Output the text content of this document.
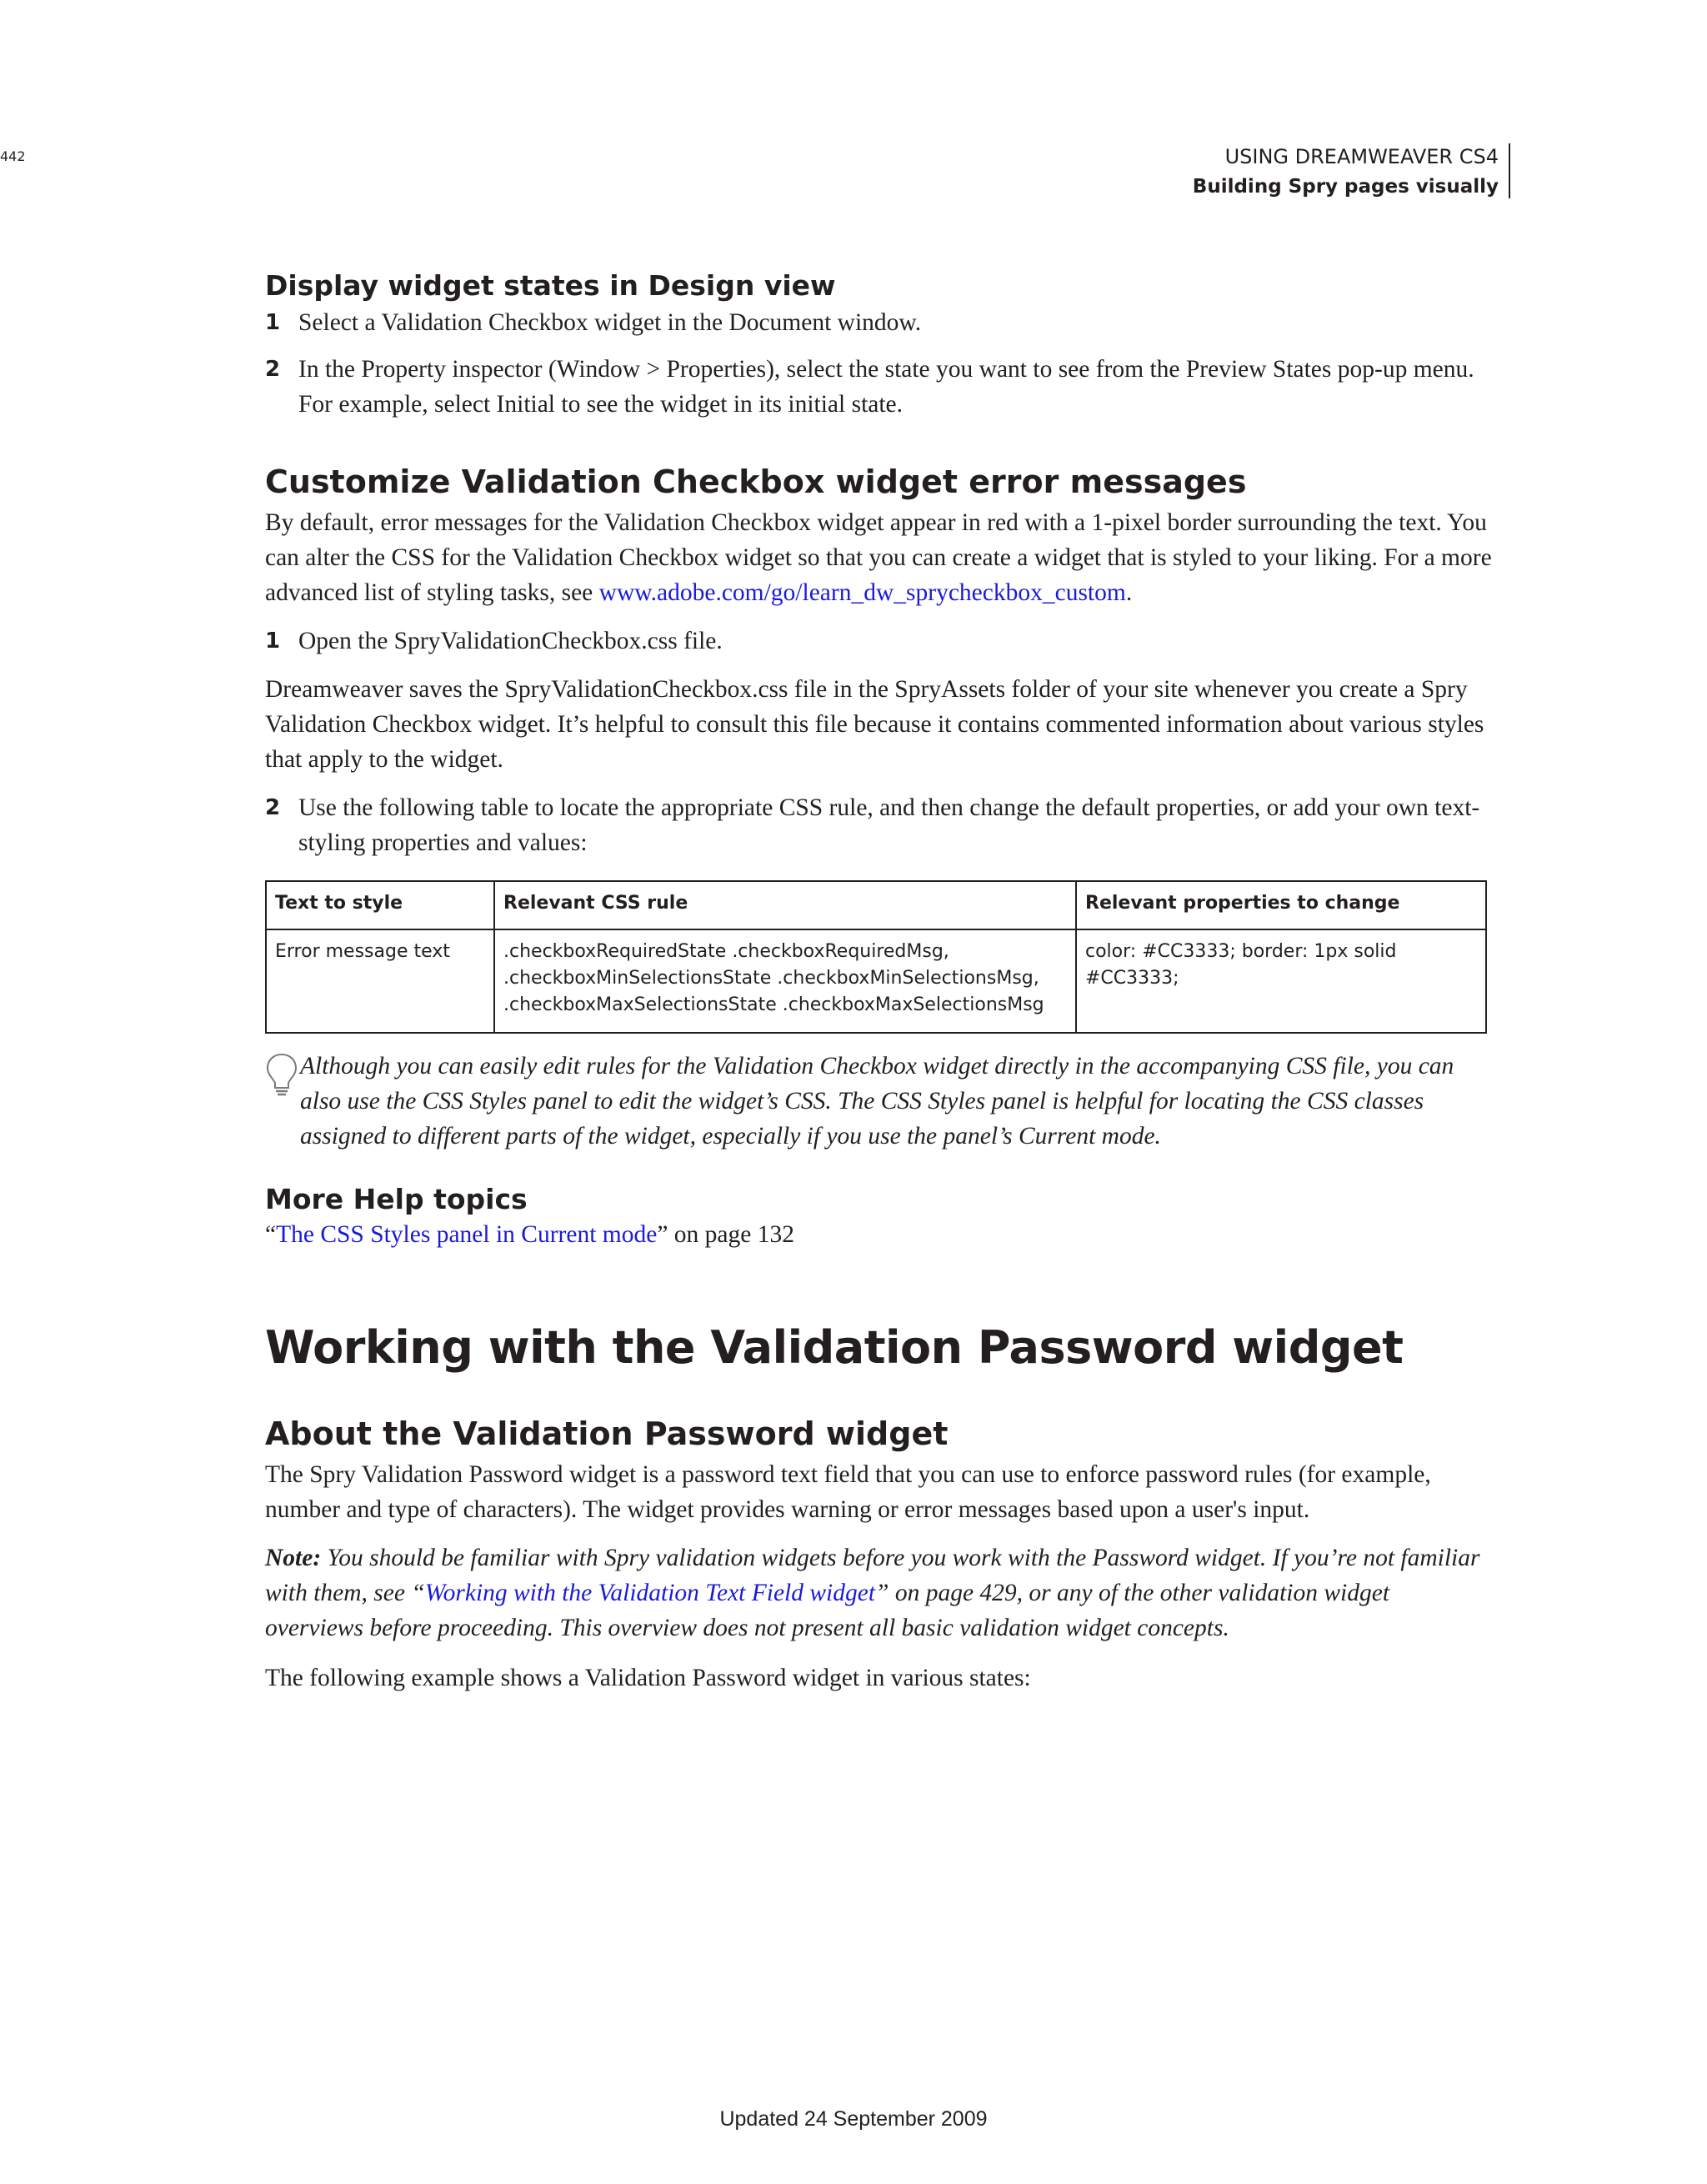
USING DREAMWEAVER CS4
Building Spry pages visually
442
Display widget states in Design view
1 Select a Validation Checkbox widget in the Document window.
2 In the Property inspector (Window > Properties), select the state you want to see from the Preview States pop-up menu. For example, select Initial to see the widget in its initial state.
Customize Validation Checkbox widget error messages

By default, error messages for the Validation Checkbox widget appear in red with a 1-pixel border surrounding the text. You can alter the CSS for the Validation Checkbox widget so that you can create a widget that is styled to your liking. For a more advanced list of styling tasks, see www.adobe.com/go/learn_dw_sprycheckbox_custom.

1 Open the SpryValidationCheckbox.css file.

Dreamweaver saves the SpryValidationCheckbox.css file in the SpryAssets folder of your site whenever you create a Spry Validation Checkbox widget. It’s helpful to consult this file because it contains commented information about various styles that apply to the widget.

2 Use the following table to locate the appropriate CSS rule, and then change the default properties, or add your own text-styling properties and values:
Text to style	Relevant CSS rule	Relevant properties to change
Error message text	.checkboxRequiredState .checkboxRequiredMsg,
.checkboxMinSelectionsState .checkboxMinSelectionsMsg,
.checkboxMaxSelectionsState .checkboxMaxSelectionsMsg	color: #CC3333; border: 1px solid #CC3333;
Although you can easily edit rules for the Validation Checkbox widget directly in the accompanying CSS file, you can
also use the CSS Styles panel to edit the widget’s CSS. The CSS Styles panel is helpful for locating the CSS classes assigned to different parts of the widget, especially if you use the panel’s Current mode.
More Help topics

“The CSS Styles panel in Current mode” on page 132

Working with the Validation Password widget
About the Validation Password widget

The Spry Validation Password widget is a password text field that you can use to enforce password rules (for example, number and type of characters). The widget provides warning or error messages based upon a user's input.

Note: You should be familiar with Spry validation widgets before you work with the Password widget. If you’re not familiar with them, see “Working with the Validation Text Field widget” on page 429, or any of the other validation widget overviews before proceeding. This overview does not present all basic validation widget concepts.

The following example shows a Validation Password widget in various states:

Updated 24 September 2009
